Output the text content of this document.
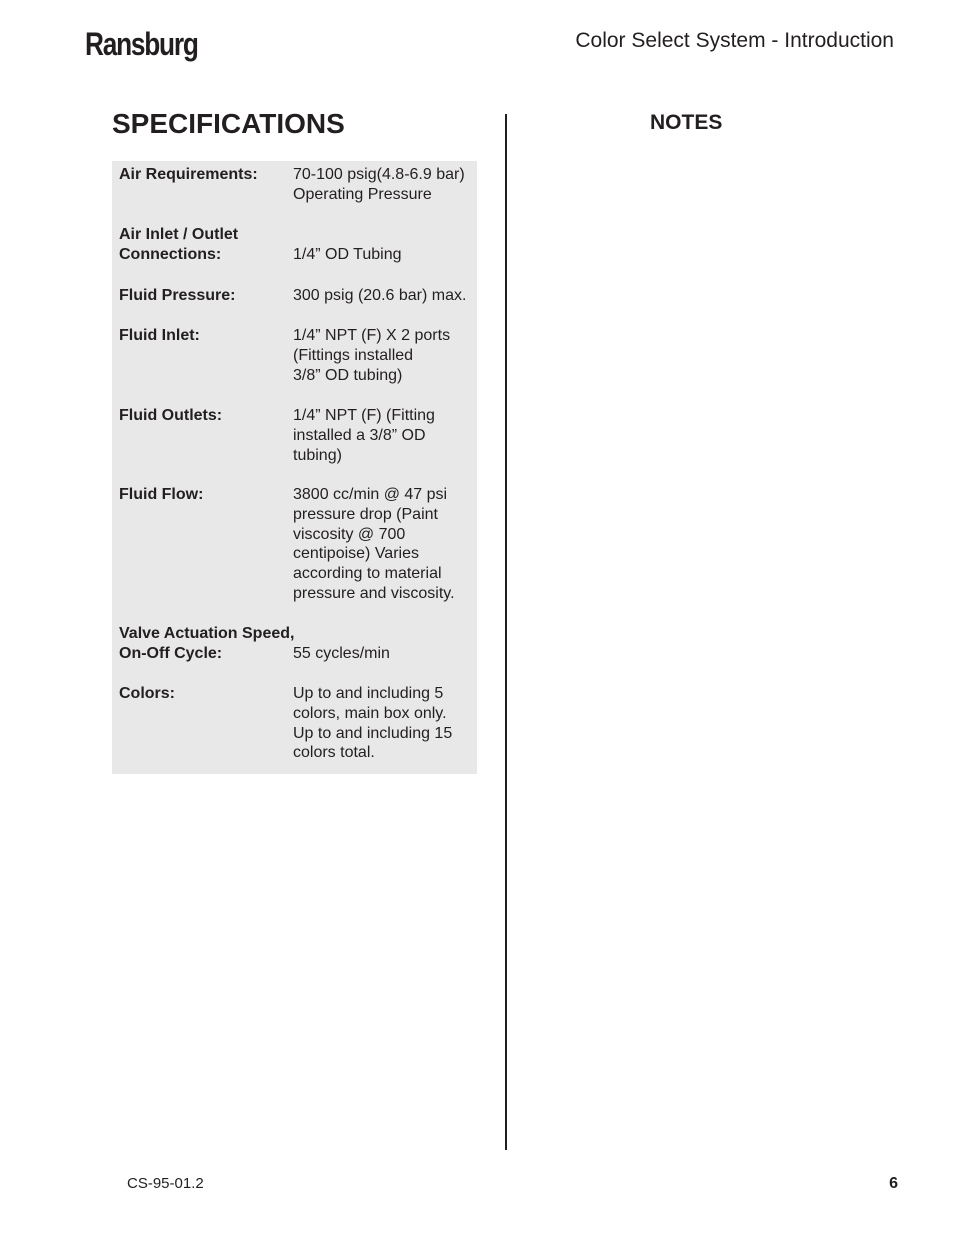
Ransburg	Color Select System - Introduction
SPECIFICATIONS	NOTES
Air Requirements:	70-100 psig(4.8-6.9 bar)
Operating Pressure
Air Inlet / Outlet
Connections:	1/4” OD Tubing
Fluid Pressure:	300 psig (20.6 bar) max.
Fluid Inlet:	1/4” NPT (F) X 2 ports
(Fittings installed
3/8” OD tubing)
Fluid Outlets:	1/4” NPT (F) (Fitting
installed a 3/8” OD
tubing)
Fluid Flow:	3800 cc/min @ 47 psi
pressure drop (Paint
viscosity @ 700
centipoise) Varies
according to material
pressure and viscosity.
Valve Actuation Speed,
On-Off Cycle:	55 cycles/min
Colors:	Up to and including 5
colors, main box only.
Up to and including 15
colors total.
CS-95-01.2	6
